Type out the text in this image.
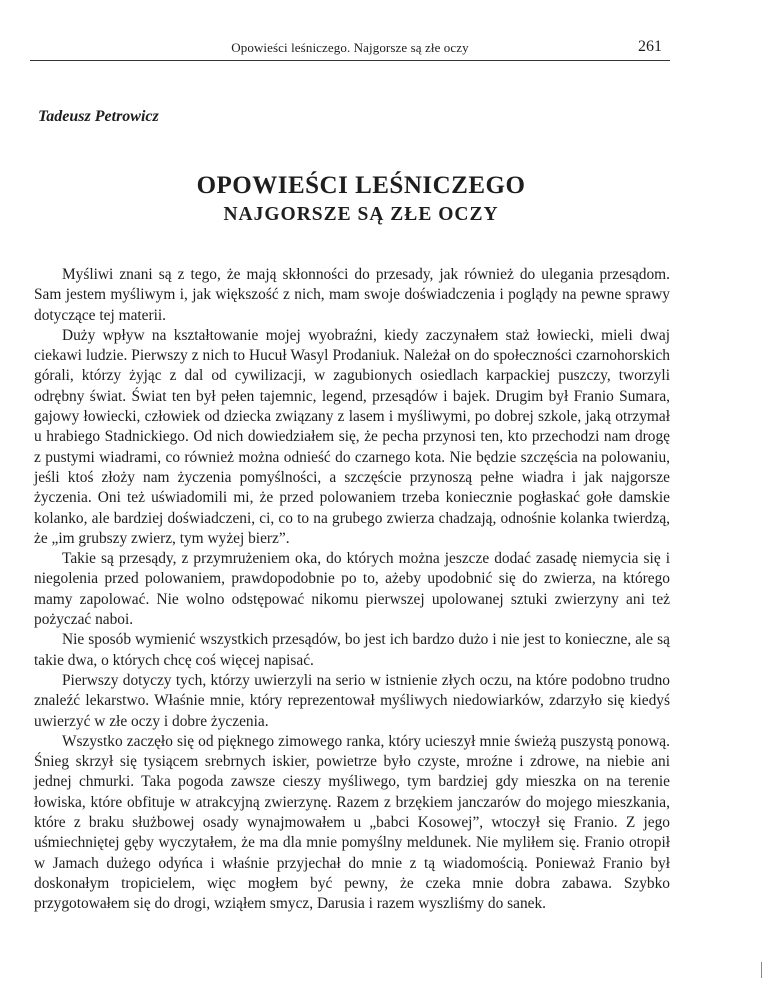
Opowieści leśniczego. Najgorsze są złe oczy	261
Tadeusz Petrowicz
OPOWIEŚCI LEŚNICZEGO
NAJGORSZE SĄ ZŁE OCZY

Myśliwi znani są z tego, że mają skłonności do przesady, jak również do ulegania przesądom. Sam jestem myśliwym i, jak większość z nich, mam swoje doświadczenia i poglądy na pewne sprawy dotyczące tej materii.

Duży wpływ na kształtowanie mojej wyobraźni, kiedy zaczynałem staż łowiecki, mieli dwaj ciekawi ludzie. Pierwszy z nich to Hucuł Wasyl Prodaniuk. Należał on do społeczności czarnohorskich górali, którzy żyjąc z dal od cywilizacji, w zagubionych osiedlach karpackiej puszczy, tworzyli odrębny świat. Świat ten był pełen tajemnic, legend, przesądów i bajek. Drugim był Franio Sumara, gajowy łowiecki, człowiek od dziecka związany z lasem i myśliwymi, po dobrej szkole, jaką otrzymał u hrabiego Stadnickiego. Od nich dowiedziałem się, że pecha przynosi ten, kto przechodzi nam drogę z pustymi wiadrami, co również można odnieść do czarnego kota. Nie będzie szczęścia na polowaniu, jeśli ktoś złoży nam życzenia pomyślności, a szczęście przynoszą pełne wiadra i jak najgorsze życzenia. Oni też uświadomili mi, że przed polowaniem trzeba koniecznie pogłaskać gołe damskie kolanko, ale bardziej doświadczeni, ci, co to na grubego zwierza chadzają, odnośnie kolanka twierdzą, że „im grubszy zwierz, tym wyżej bierz”.

Takie są przesądy, z przymrużeniem oka, do których można jeszcze dodać zasadę niemycia się i niegolenia przed polowaniem, prawdopodobnie po to, ażeby upodobnić się do zwierza, na którego mamy zapolować. Nie wolno odstępować nikomu pierwszej upolowanej sztuki zwierzyny ani też pożyczać naboi.

Nie sposób wymienić wszystkich przesądów, bo jest ich bardzo dużo i nie jest to konieczne, ale są takie dwa, o których chcę coś więcej napisać.

Pierwszy dotyczy tych, którzy uwierzyli na serio w istnienie złych oczu, na które podobno trudno znaleźć lekarstwo. Właśnie mnie, który reprezentował myśliwych niedowiarków, zdarzyło się kiedyś uwierzyć w złe oczy i dobre życzenia.

Wszystko zaczęło się od pięknego zimowego ranka, który ucieszył mnie świeżą puszystą ponową. Śnieg skrzył się tysiącem srebrnych iskier, powietrze było czyste, mroźne i zdrowe, na niebie ani jednej chmurki. Taka pogoda zawsze cieszy myśliwego, tym bardziej gdy mieszka on na terenie łowiska, które obfituje w atrakcyjną zwierzynę. Razem z brzękiem janczarów do mojego mieszkania, które z braku służbowej osady wynajmowałem u „babci Kosowej”, wtoczył się Franio. Z jego uśmiechniętej gęby wyczytałem, że ma dla mnie pomyślny meldunek. Nie myliłem się. Franio otropił w Jamach dużego odyńca i właśnie przyjechał do mnie z tą wiadomością. Ponieważ Franio był doskonałym tropicielem, więc mogłem być pewny, że czeka mnie dobra zabawa. Szybko przygotowałem się do drogi, wziąłem smycz, Darusia i razem wyszliśmy do sanek.
